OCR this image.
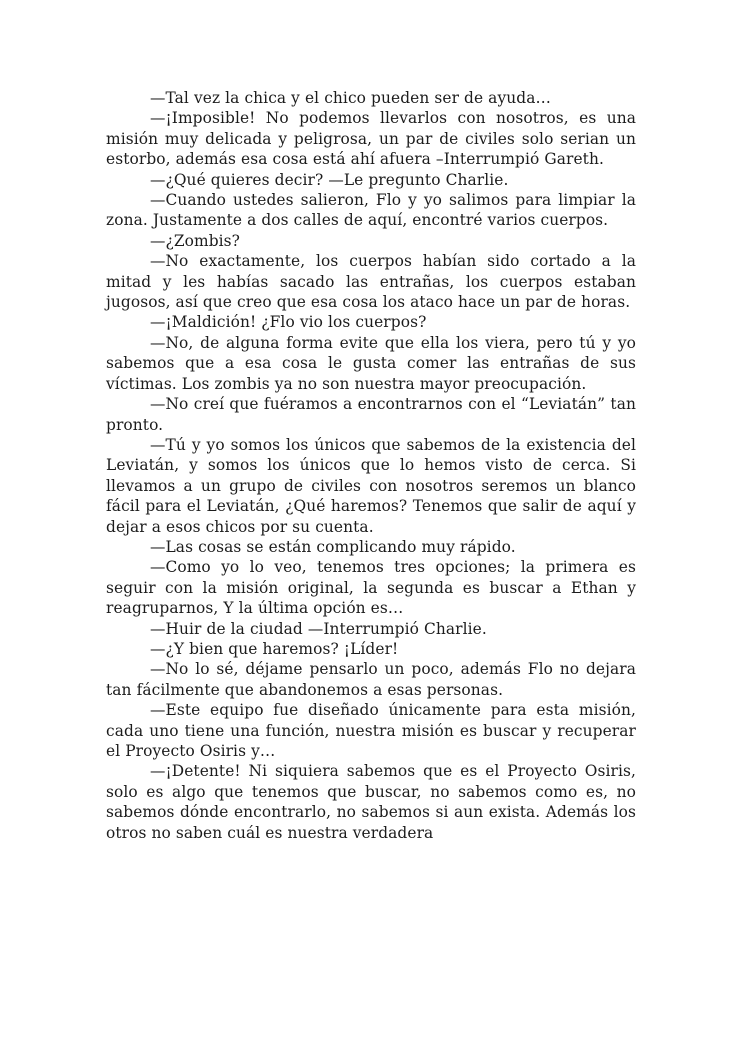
—Tal vez la chica y el chico pueden ser de ayuda…

—¡Imposible! No podemos llevarlos con nosotros, es una misión muy delicada y peligrosa, un par de civiles solo serian un estorbo, además esa cosa está ahí afuera –Interrumpió Gareth.

—¿Qué quieres decir? —Le pregunto Charlie.

—Cuando ustedes salieron, Flo y yo salimos para limpiar la zona. Justamente a dos calles de aquí, encontré varios cuerpos.

—¿Zombis?

—No exactamente, los cuerpos habían sido cortado a la mitad y les habías sacado las entrañas, los cuerpos estaban jugosos, así que creo que esa cosa los ataco hace un par de horas.

—¡Maldición! ¿Flo vio los cuerpos?

—No, de alguna forma evite que ella los viera, pero tú y yo sabemos que a esa cosa le gusta comer las entrañas de sus víctimas. Los zombis ya no son nuestra mayor preocupación.

—No creí que fuéramos a encontrarnos con el “Leviatán” tan pronto.

—Tú y yo somos los únicos que sabemos de la existencia del Leviatán, y somos los únicos que lo hemos visto de cerca. Si llevamos a un grupo de civiles con nosotros seremos un blanco fácil para el Leviatán, ¿Qué haremos? Tenemos que salir de aquí y dejar a esos chicos por su cuenta.

—Las cosas se están complicando muy rápido.

—Como yo lo veo, tenemos tres opciones; la primera es seguir con la misión original, la segunda es buscar a Ethan y reagruparnos, Y la última opción es…

—Huir de la ciudad —Interrumpió Charlie.

—¿Y bien que haremos? ¡Líder!

—No lo sé, déjame pensarlo un poco, además Flo no dejara tan fácilmente que abandonemos a esas personas.

—Este equipo fue diseñado únicamente para esta misión, cada uno tiene una función, nuestra misión es buscar y recuperar el Proyecto Osiris y…

—¡Detente! Ni siquiera sabemos que es el Proyecto Osiris, solo es algo que tenemos que buscar, no sabemos como es, no sabemos dónde encontrarlo, no sabemos si aun exista. Además los otros no saben cuál es nuestra verdadera
